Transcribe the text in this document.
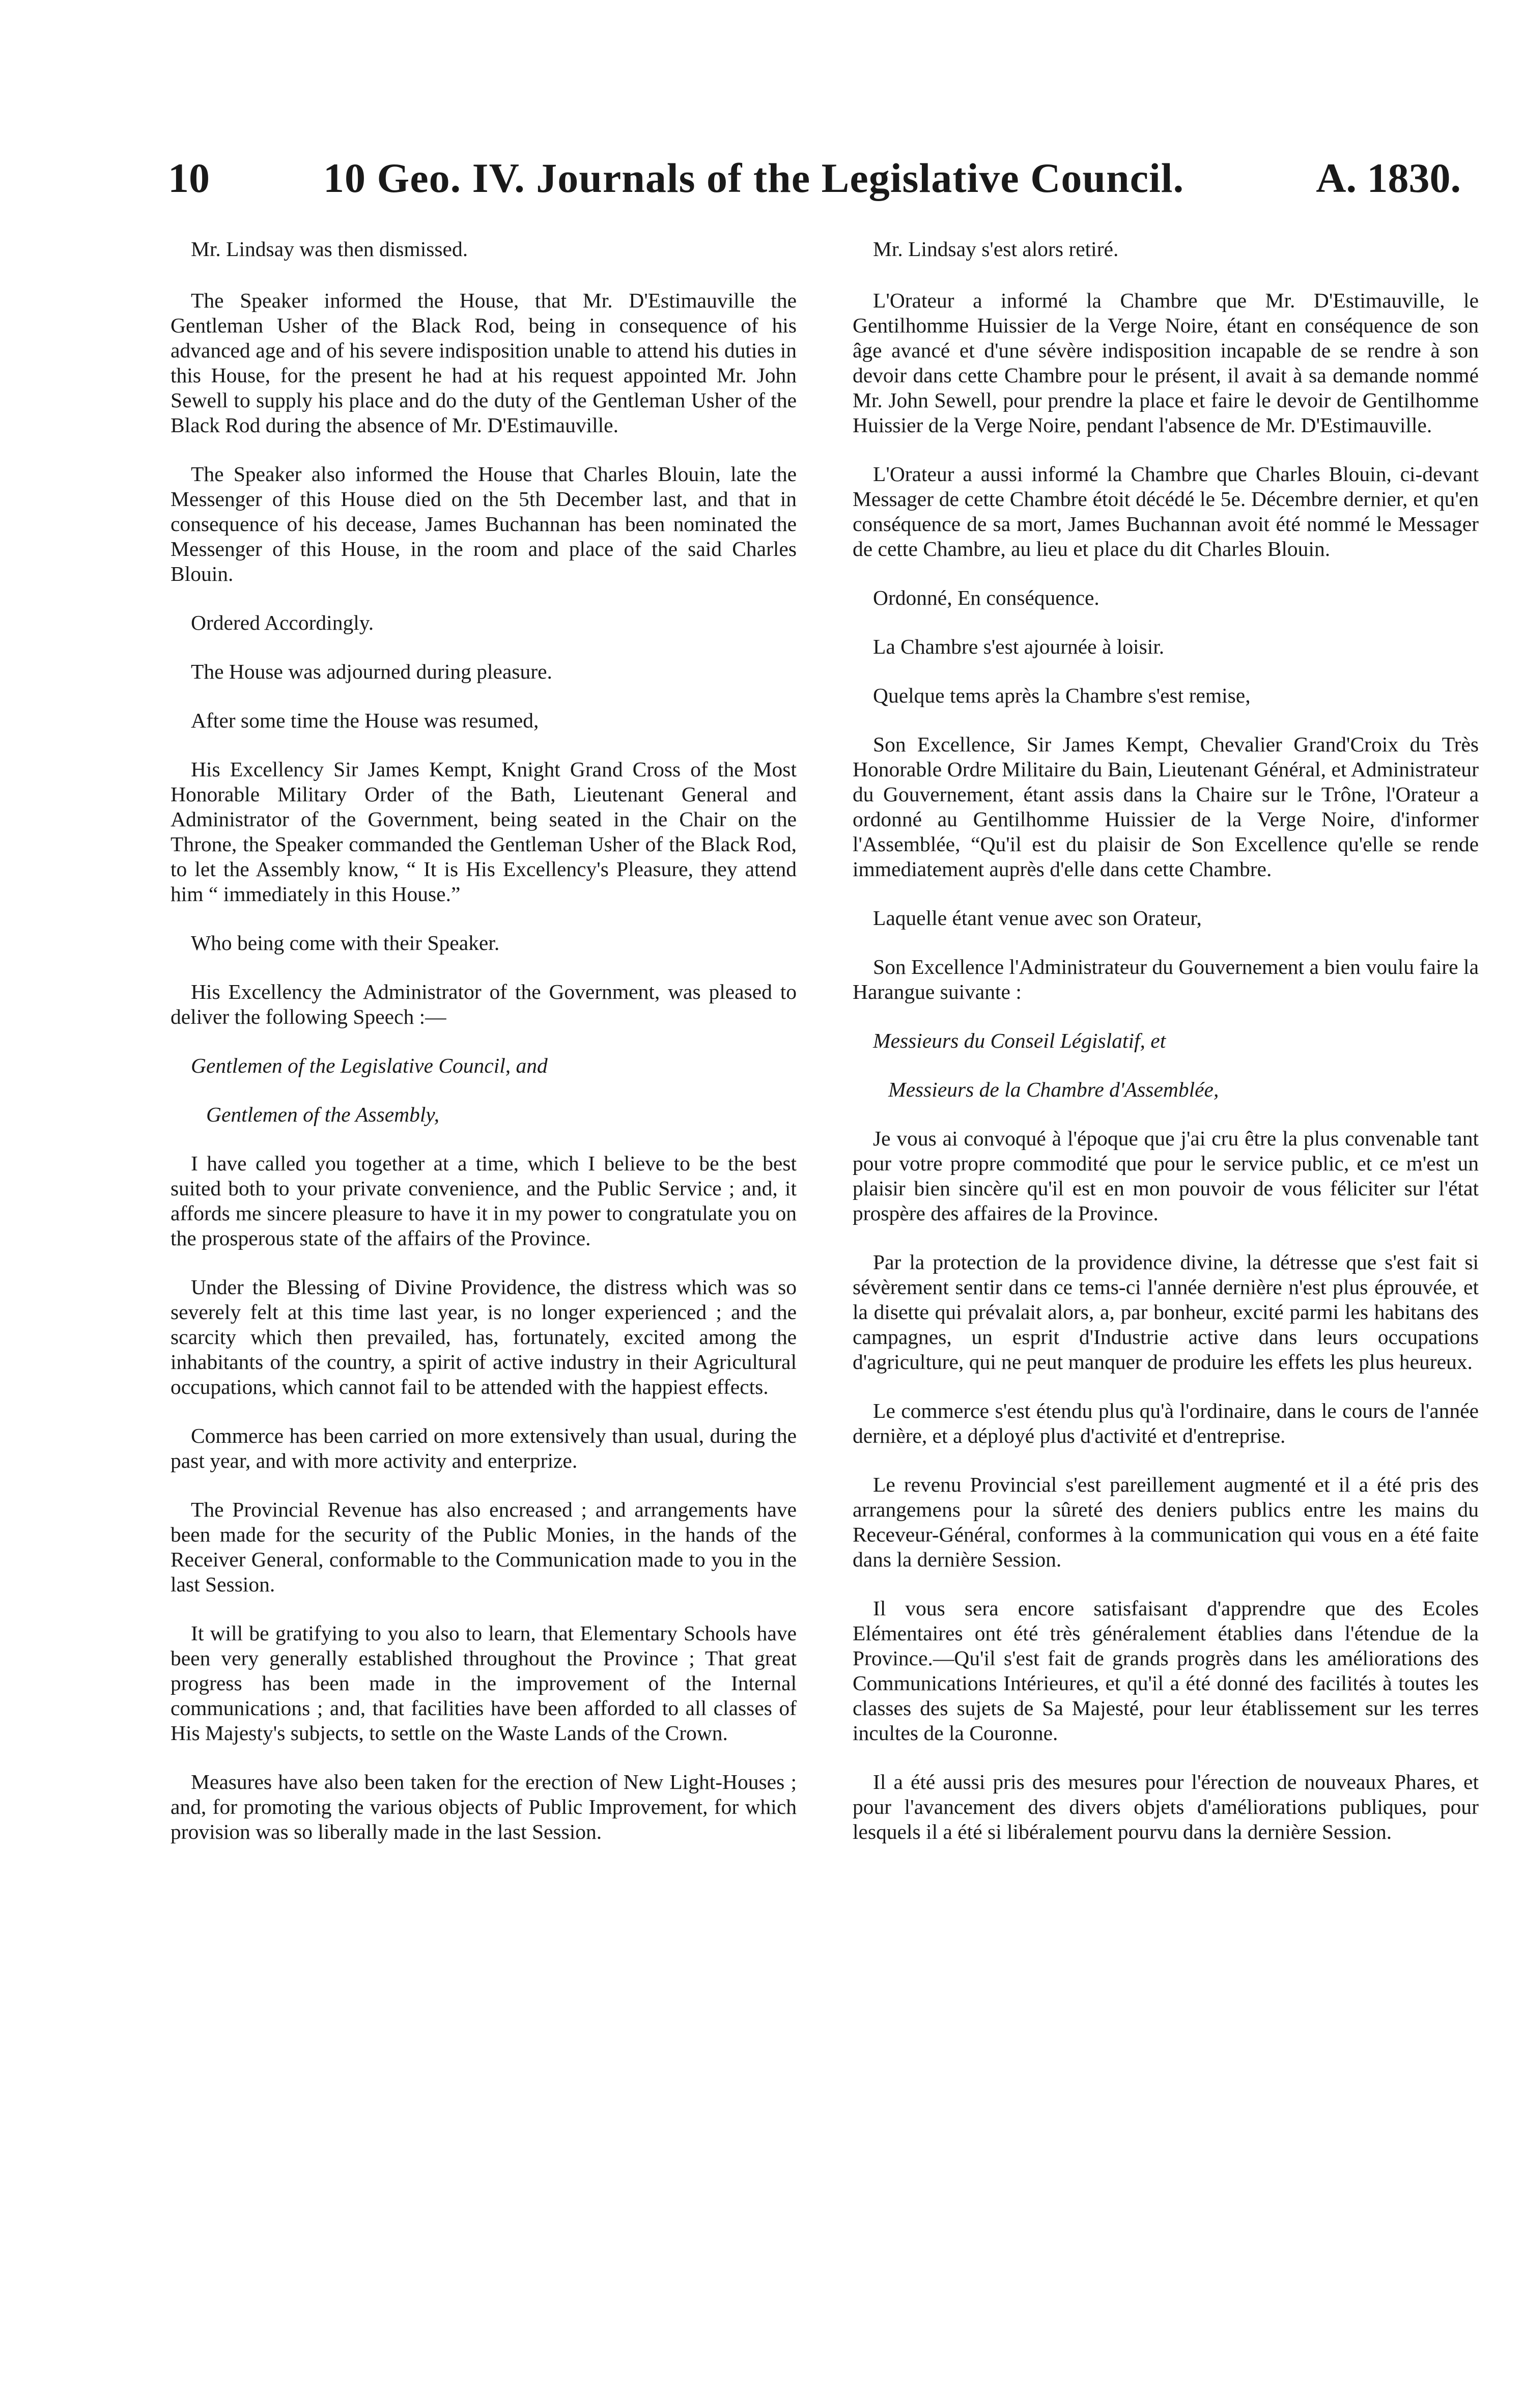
10	10 Geo. IV. Journals of the Legislative Council.	A. 1830.

Mr. Lindsay was then dismissed.

The Speaker informed the House, that Mr. D'Estimauville the Gentleman Usher of the Black Rod, being in consequence of his advanced age and of his severe indisposition unable to attend his duties in this House, for the present he had at his request appointed Mr. John Sewell to supply his place and do the duty of the Gentleman Usher of the Black Rod during the absence of Mr. D'Estimauville.

The Speaker also informed the House that Charles Blouin, late the Messenger of this House died on the 5th December last, and that in consequence of his decease, James Buchannan has been nominated the Messenger of this House, in the room and place of the said Charles Blouin.

Ordered Accordingly.

The House was adjourned during pleasure.

After some time the House was resumed,

His Excellency Sir James Kempt, Knight Grand Cross of the Most Honorable Military Order of the Bath, Lieutenant General and Administrator of the Government, being seated in the Chair on the Throne, the Speaker commanded the Gentleman Usher of the Black Rod, to let the Assembly know, “ It is His Excellency's Pleasure, they attend him “ immediately in this House.”

Who being come with their Speaker.

His Excellency the Administrator of the Government, was pleased to deliver the following Speech :—

Gentlemen of the Legislative Council, and

Gentlemen of the Assembly,

I have called you together at a time, which I believe to be the best suited both to your private convenience, and the Public Service ; and, it affords me sincere pleasure to have it in my power to congratulate you on the prosperous state of the affairs of the Province.

Under the Blessing of Divine Providence, the distress which was so severely felt at this time last year, is no longer experienced ; and the scarcity which then prevailed, has, fortunately, excited among the inhabitants of the country, a spirit of active industry in their Agricultural occupations, which cannot fail to be attended with the happiest effects.

Commerce has been carried on more extensively than usual, during the past year, and with more activity and enterprize.

The Provincial Revenue has also encreased ; and arrangements have been made for the security of the Public Monies, in the hands of the Receiver General, conformable to the Communication made to you in the last Session.

It will be gratifying to you also to learn, that Elementary Schools have been very generally established throughout the Province ; That great progress has been made in the improvement of the Internal communications ; and, that facilities have been afforded to all classes of His Majesty's subjects, to settle on the Waste Lands of the Crown.

Measures have also been taken for the erection of New Light-Houses ; and, for promoting the various objects of Public Improvement, for which provision was so liberally made in the last Session.

Mr. Lindsay s'est alors retiré.

L'Orateur a informé la Chambre que Mr. D'Estimauville, le Gentilhomme Huissier de la Verge Noire, étant en conséquence de son âge avancé et d'une sévère indisposition incapable de se rendre à son devoir dans cette Chambre pour le présent, il avait à sa demande nommé Mr. John Sewell, pour prendre la place et faire le devoir de Gentilhomme Huissier de la Verge Noire, pendant l'absence de Mr. D'Estimauville.

L'Orateur a aussi informé la Chambre que Charles Blouin, ci-devant Messager de cette Chambre étoit décédé le 5e. Décembre dernier, et qu'en conséquence de sa mort, James Buchannan avoit été nommé le Messager de cette Chambre, au lieu et place du dit Charles Blouin.

Ordonné, En conséquence.

La Chambre s'est ajournée à loisir.

Quelque tems après la Chambre s'est remise,

Son Excellence, Sir James Kempt, Chevalier Grand'Croix du Très Honorable Ordre Militaire du Bain, Lieutenant Général, et Administrateur du Gouvernement, étant assis dans la Chaire sur le Trône, l'Orateur a ordonné au Gentilhomme Huissier de la Verge Noire, d'informer l'Assemblée, “Qu'il est du plaisir de Son Excellence qu'elle se rende immediatement auprès d'elle dans cette Chambre.

Laquelle étant venue avec son Orateur,

Son Excellence l'Administrateur du Gouvernement a bien voulu faire la Harangue suivante :

Messieurs du Conseil Législatif, et

Messieurs de la Chambre d'Assemblée,

Je vous ai convoqué à l'époque que j'ai cru être la plus convenable tant pour votre propre commodité que pour le service public, et ce m'est un plaisir bien sincère qu'il est en mon pouvoir de vous féliciter sur l'état prospère des affaires de la Province.

Par la protection de la providence divine, la détresse que s'est fait si sévèrement sentir dans ce tems-ci l'année dernière n'est plus éprouvée, et la disette qui prévalait alors, a, par bonheur, excité parmi les habitans des campagnes, un esprit d'Industrie active dans leurs occupations d'agriculture, qui ne peut manquer de produire les effets les plus heureux.

Le commerce s'est étendu plus qu'à l'ordinaire, dans le cours de l'année dernière, et a déployé plus d'activité et d'entreprise.

Le revenu Provincial s'est pareillement augmenté et il a été pris des arrangemens pour la sûreté des deniers publics entre les mains du Receveur-Général, conformes à la communication qui vous en a été faite dans la dernière Session.

Il vous sera encore satisfaisant d'apprendre que des Ecoles Elémentaires ont été très généralement établies dans l'étendue de la Province.—Qu'il s'est fait de grands progrès dans les améliorations des Communications Intérieures, et qu'il a été donné des facilités à toutes les classes des sujets de Sa Majesté, pour leur établissement sur les terres incultes de la Couronne.

Il a été aussi pris des mesures pour l'érection de nouveaux Phares, et pour l'avancement des divers objets d'améliorations publiques, pour lesquels il a été si libéralement pourvu dans la dernière Session.
